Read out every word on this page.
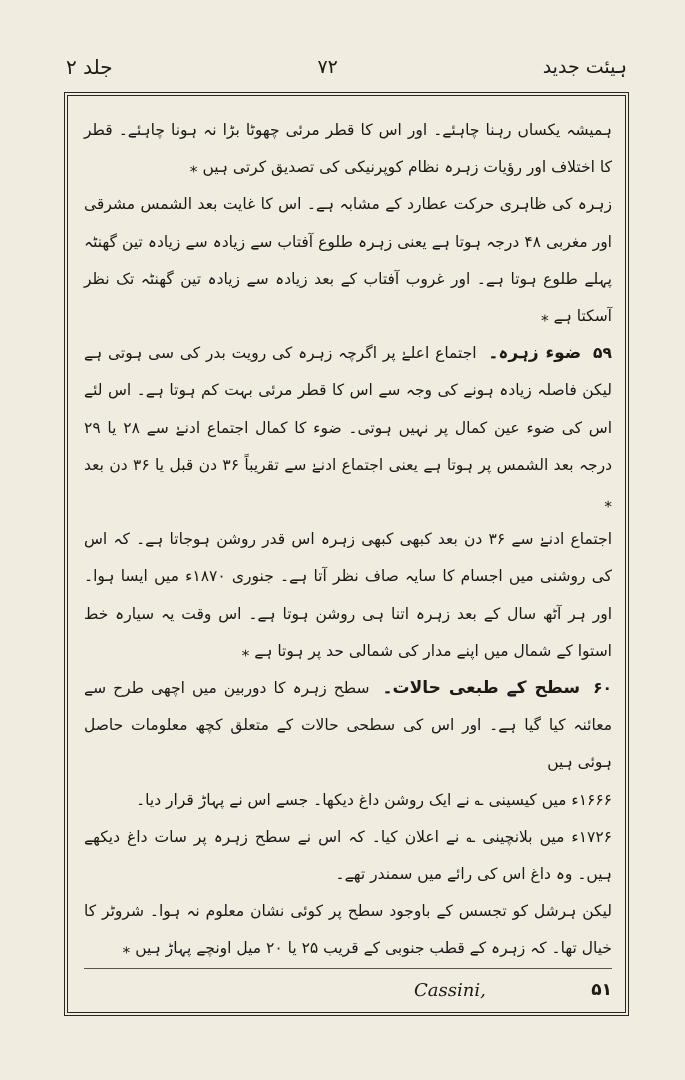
جلد ۲	۷۲	ہیئت جدید

ہمیشہ یکساں رہنا چاہئے۔ اور اس کا قطر مرئی چھوٹا بڑا نہ ہونا چاہئے۔ قطر کا اختلاف اور رؤیات زہرہ نظام کوپرنیکی کی تصدیق کرتی ہیں ⁎

زہرہ کی ظاہری حرکت عطارد کے مشابہ ہے۔ اس کا غایت بعد الشمس مشرقی اور مغربی ۴۸ درجہ ہوتا ہے یعنی زہرہ طلوع آفتاب سے زیادہ سے زیادہ تین گھنٹہ پہلے طلوع ہوتا ہے۔ اور غروب آفتاب کے بعد زیادہ سے زیادہ تین گھنٹہ تک نظر آسکتا ہے ⁎

۵۹ ضوء زہرہ۔ اجتماع اعلےٰ پر اگرچہ زہرہ کی رویت بدر کی سی ہوتی ہے لیکن فاصلہ زیادہ ہونے کی وجہ سے اس کا قطر مرئی بہت کم ہوتا ہے۔ اس لئے اس کی ضوء عین کمال پر نہیں ہوتی۔ ضوء کا کمال اجتماع ادنےٰ سے ۲۸ یا ۲۹ درجہ بعد الشمس پر ہوتا ہے یعنی اجتماع ادنےٰ سے تقریباً ۳۶ دن قبل یا ۳۶ دن بعد ⁎

اجتماع ادنےٰ سے ۳۶ دن بعد کبھی کبھی زہرہ اس قدر روشن ہوجاتا ہے۔ کہ اس کی روشنی میں اجسام کا سایہ صاف نظر آتا ہے۔ جنوری ۱۸۷۰ء میں ایسا ہوا۔ اور ہر آٹھ سال کے بعد زہرہ اتنا ہی روشن ہوتا ہے۔ اس وقت یہ سیارہ خط استوا کے شمال میں اپنے مدار کی شمالی حد پر ہوتا ہے ⁎

۶۰ سطح کے طبعی حالات۔ سطح زہرہ کا دوربین میں اچھی طرح سے معائنہ کیا گیا ہے۔ اور اس کی سطحی حالات کے متعلق کچھ معلومات حاصل ہوئی ہیں

۱۶۶۶ء میں کیسینی ؎ نے ایک روشن داغ دیکھا۔ جسے اس نے پہاڑ قرار دیا۔

۱۷۲۶ء میں بلانچینی ؎ نے اعلان کیا۔ کہ اس نے سطح زہرہ پر سات داغ دیکھے ہیں۔ وہ داغ اس کی رائے میں سمندر تھے۔

لیکن ہرشل کو تجسس کے باوجود سطح پر کوئی نشان معلوم نہ ہوا۔ شروٹر کا خیال تھا۔ کہ زہرہ کے قطب جنوبی کے قریب ۲۵ یا ۲۰ میل اونچے پہاڑ ہیں ⁎

Cassini,	۵۱
